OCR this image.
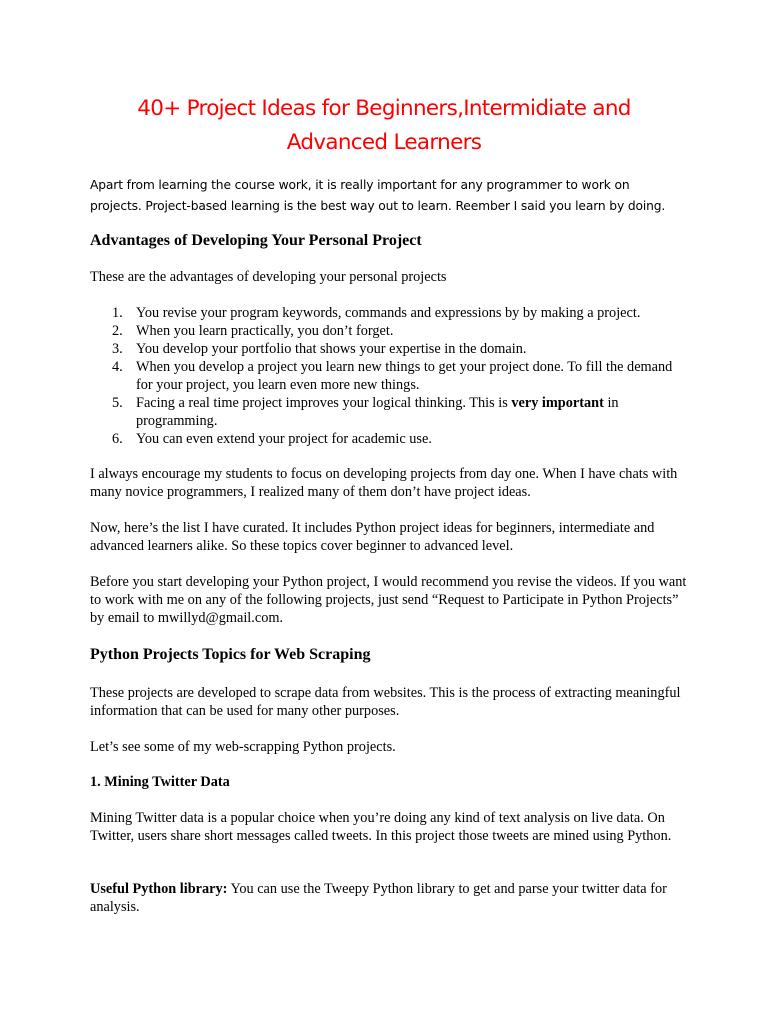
40+ Project Ideas for Beginners,Intermidiate and
Advanced Learners
Apart from learning the course work, it is really important for any programmer to work on
projects. Project-based learning is the best way out to learn. Reember I said you learn by doing.
Advantages of Developing Your Personal Project
These are the advantages of developing your personal projects
1. You revise your program keywords, commands and expressions by by making a project.
2. When you learn practically, you don’t forget.
3. You develop your portfolio that shows your expertise in the domain.
4. When you develop a project you learn new things to get your project done. To fill the demand for your project, you learn even more new things.
5. Facing a real time project improves your logical thinking. This is very important in programming.
6. You can even extend your project for academic use.
I always encourage my students to focus on developing projects from day one. When I have chats with many novice programmers, I realized many of them don’t have project ideas.
Now, here’s the list I have curated. It includes Python project ideas for beginners, intermediate and advanced learners alike. So these topics cover beginner to advanced level.
Before you start developing your Python project, I would recommend you revise the videos. If you want to work with me on any of the following projects, just send “Request to Participate in Python Projects” by email to mwillyd@gmail.com.
Python Projects Topics for Web Scraping
These projects are developed to scrape data from websites. This is the process of extracting meaningful information that can be used for many other purposes.
Let’s see some of my web-scrapping Python projects.
1. Mining Twitter Data
Mining Twitter data is a popular choice when you’re doing any kind of text analysis on live data. On Twitter, users share short messages called tweets. In this project those tweets are mined using Python.
Useful Python library: You can use the Tweepy Python library to get and parse your twitter data for analysis.
